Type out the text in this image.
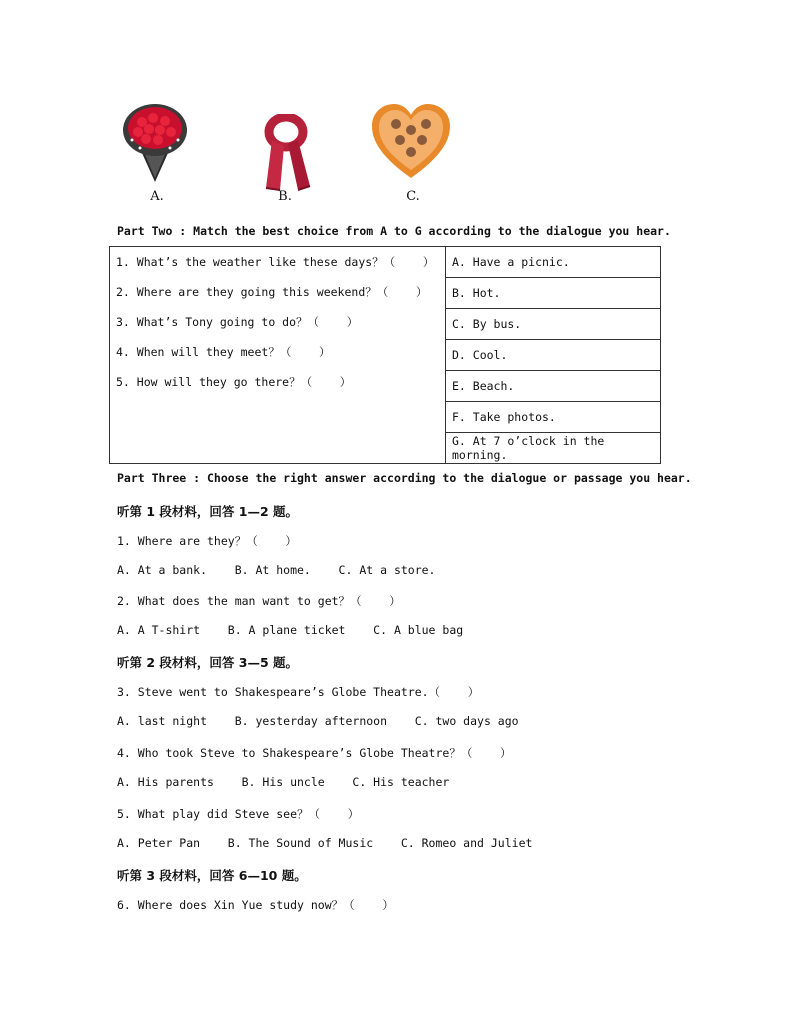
A.	B.	C.
Part Two : Match the best choice from A to G according to the dialogue you hear.
1. What’s the weather like these days？（    ）
2. Where are they going this weekend？（    ）
3. What’s Tony going to do？（    ）
4. When will they meet？（    ）
5. How will they go there？（    ）
	A. Have a picnic.
B. Hot.
C. By bus.
D. Cool.
E. Beach.
F. Take photos.
G. At 7 o’clock in the morning.
Part Three : Choose the right answer according to the dialogue or passage you hear.
听第 1 段材料，回答 1—2 题。
1. Where are they？（    ）
A. At a bank.    B. At home.    C. At a store.
2. What does the man want to get？（    ）
A. A T-shirt    B. A plane ticket    C. A blue bag
听第 2 段材料，回答 3—5 题。
3. Steve went to Shakespeare’s Globe Theatre.（    ）
A. last night    B. yesterday afternoon    C. two days ago
4. Who took Steve to Shakespeare’s Globe Theatre？（    ）
A. His parents    B. His uncle    C. His teacher
5. What play did Steve see？（    ）
A. Peter Pan    B. The Sound of Music    C. Romeo and Juliet
听第 3 段材料，回答 6—10 题。
6. Where does Xin Yue study now？（    ）
